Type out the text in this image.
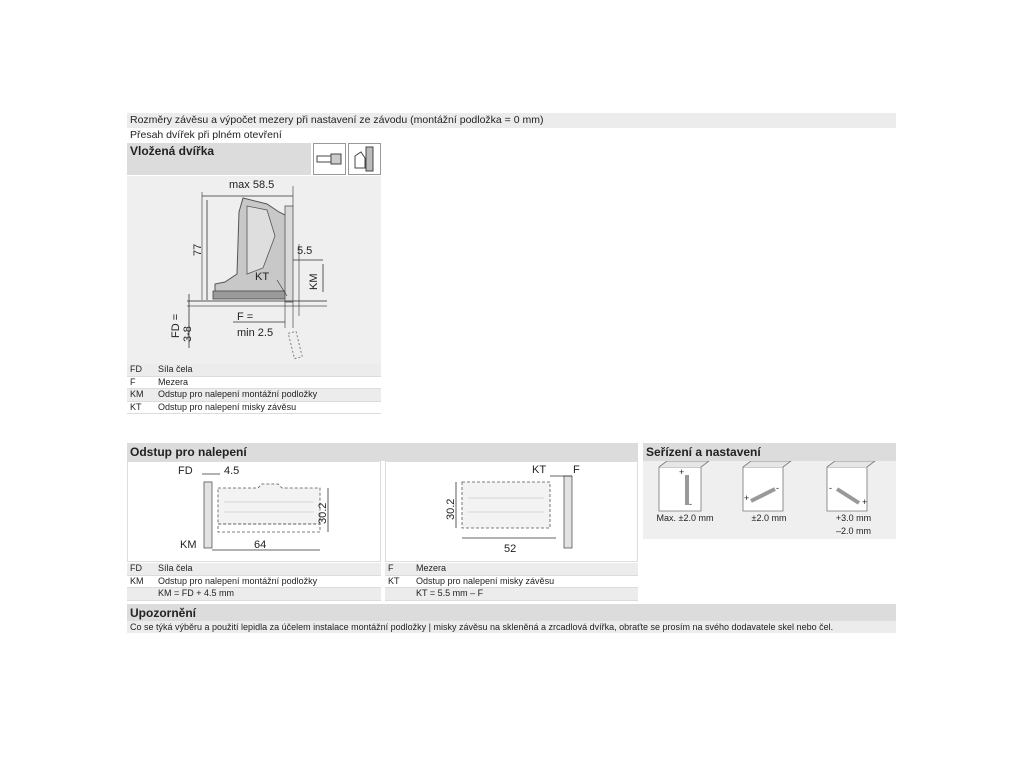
Rozměry závěsu a výpočet mezery při nastavení ze závodu (montážní podložka = 0 mm)
Přesah dvířek při plném otevření
Vložená dvířka
max 58.5
77	5.5
KM
KT
F =
min 2.5
FD = 3-8
FD	Síla čela
F	Mezera
KM	Odstup pro nalepení montážní podložky
KT	Odstup pro nalepení misky závěsu
Odstup pro nalepení
FD	4.5
30.2
KM	64
KT F
30.2
52
FD	Síla čela
KM	Odstup pro nalepení montážní podložky
KM = FD + 4.5 mm
F	Mezera
KT	Odstup pro nalepení misky závěsu
KT = 5.5 mm – F
Seřízení a nastavení
+
-
+
-	-
+
Max. ±2.0 mm	±2.0 mm	+3.0 mm
–2.0 mm
Upozornění
Co se týká výběru a použití lepidla za účelem instalace montážní podložky | misky závěsu na skleněná a zrcadlová dvířka, obraťte se prosím na svého dodavatele skel nebo čel.
